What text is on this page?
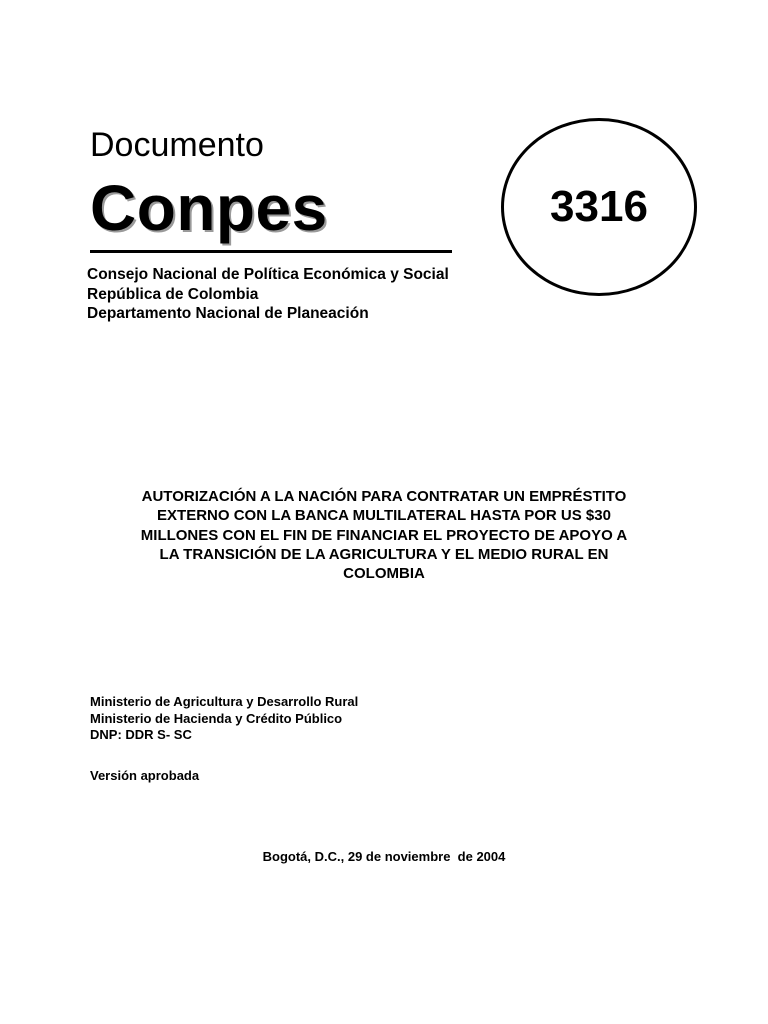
Documento
Conpes	3316
Consejo Nacional de Política Económica y Social
República de Colombia
Departamento Nacional de Planeación
AUTORIZACIÓN A LA NACIÓN PARA CONTRATAR UN EMPRÉSTITO
EXTERNO CON LA BANCA MULTILATERAL HASTA POR US $30
MILLONES CON EL FIN DE FINANCIAR EL PROYECTO DE APOYO A
LA TRANSICIÓN DE LA AGRICULTURA Y EL MEDIO RURAL EN
COLOMBIA
Ministerio de Agricultura y Desarrollo Rural
Ministerio de Hacienda y Crédito Público
DNP: DDR S- SC
Versión aprobada
Bogotá, D.C., 29 de noviembre  de 2004
